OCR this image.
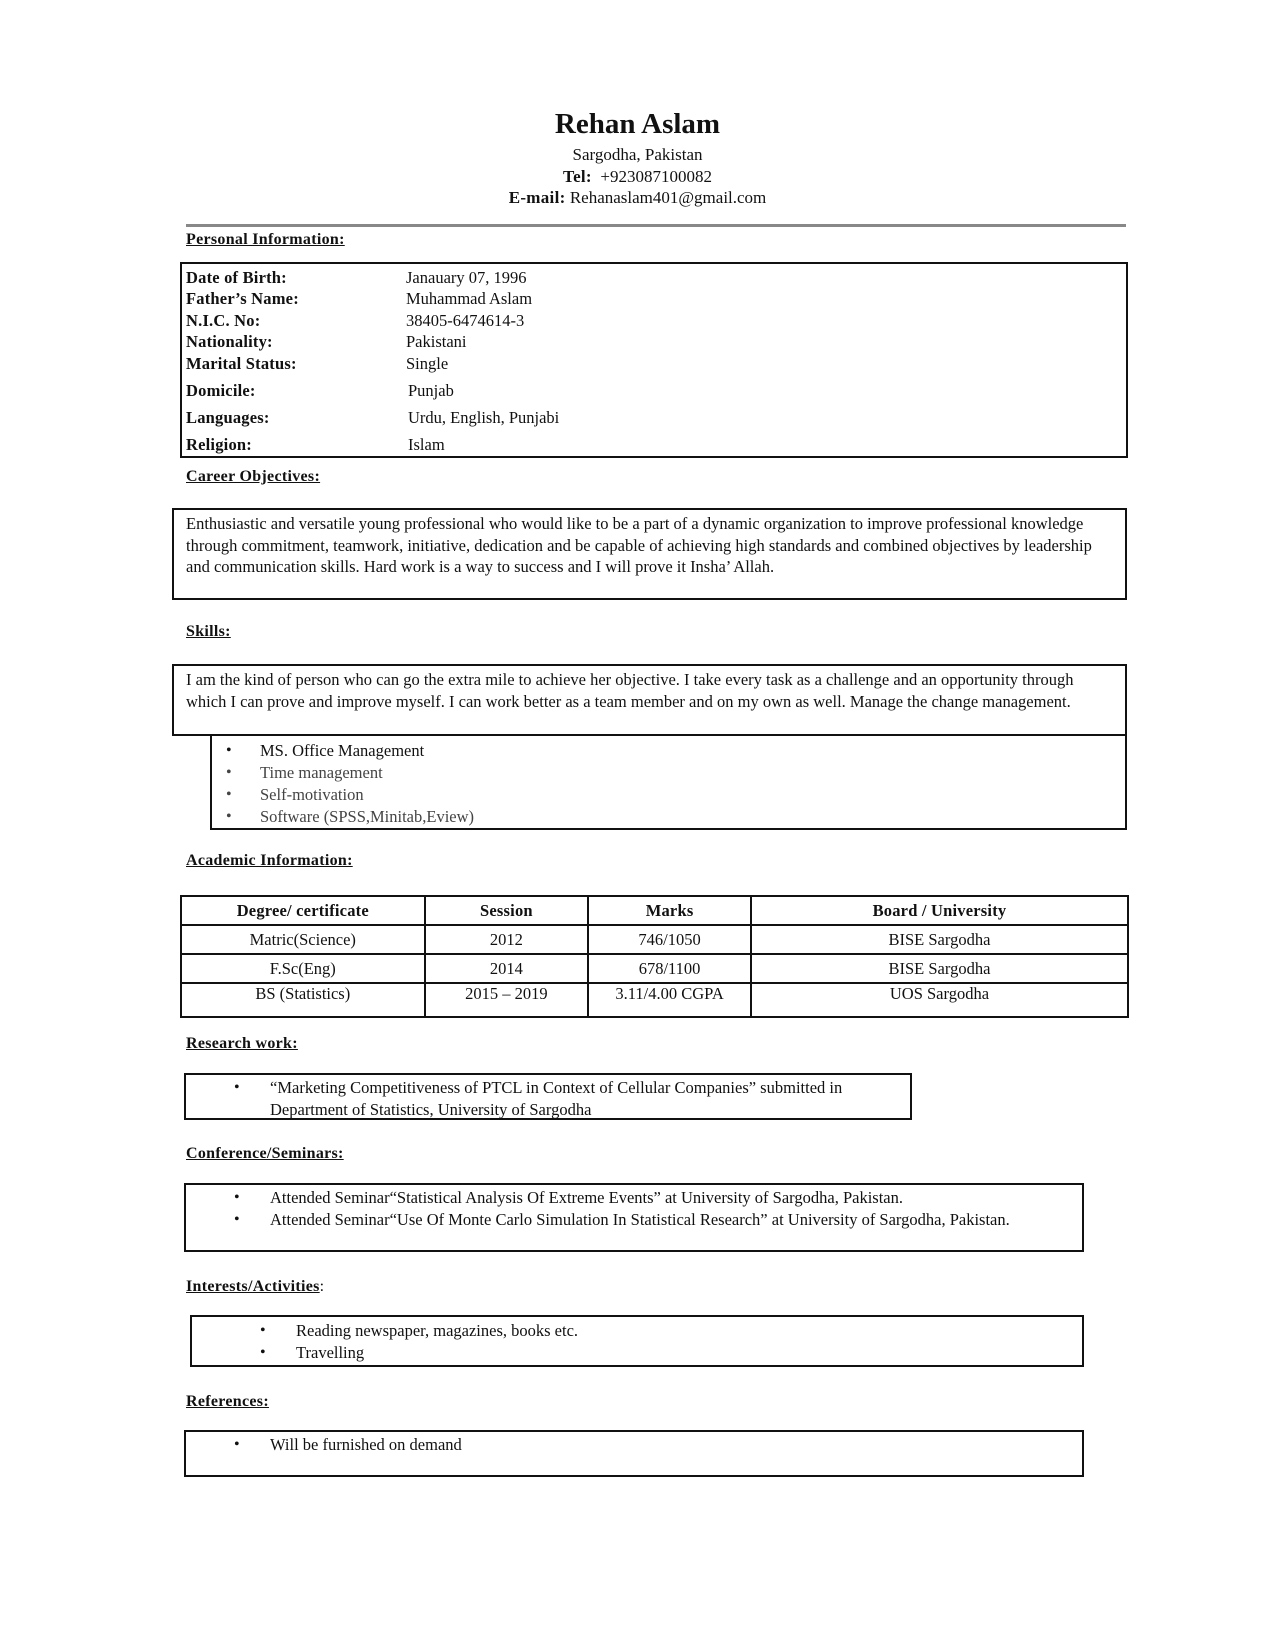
Rehan Aslam
Sargodha, Pakistan
Tel: +923087100082
E-mail: Rehanaslam401@gmail.com
Personal Information:
Date of Birth:	Janauary 07, 1996
Father’s Name:	Muhammad Aslam
N.I.C. No:	38405-6474614-3
Nationality:	Pakistani
Marital Status:	Single
Domicile:	Punjab
Languages:	Urdu, English, Punjabi
Religion:	Islam
Career Objectives:
Enthusiastic and versatile young professional who would like to be a part of a dynamic organization to improve professional knowledge through commitment, teamwork, initiative, dedication and be capable of achieving high standards and combined objectives by leadership and communication skills. Hard work is a way to success and I will prove it Insha’ Allah.
Skills:
I am the kind of person who can go the extra mile to achieve her objective. I take every task as a challenge and an opportunity through which I can prove and improve myself. I can work better as a team member and on my own as well. Manage the change management.
• MS. Office Management
• Time management
• Self-motivation
• Software (SPSS,Minitab,Eview)
Academic Information:
Degree/ certificate	Session	Marks	Board / University
Matric(Science)	2012	746/1050	BISE Sargodha
F.Sc(Eng)	2014	678/1100	BISE Sargodha
BS (Statistics)	2015 – 2019	3.11/4.00 CGPA	UOS Sargodha
Research work:
• “Marketing Competitiveness of PTCL in Context of Cellular Companies” submitted in Department of Statistics, University of Sargodha
Conference/Seminars:
• Attended Seminar“Statistical Analysis Of Extreme Events” at University of Sargodha, Pakistan.
• Attended Seminar“Use Of Monte Carlo Simulation In Statistical Research” at University of Sargodha, Pakistan.
Interests/Activities:
• Reading newspaper, magazines, books etc.
• Travelling
References:
• Will be furnished on demand
